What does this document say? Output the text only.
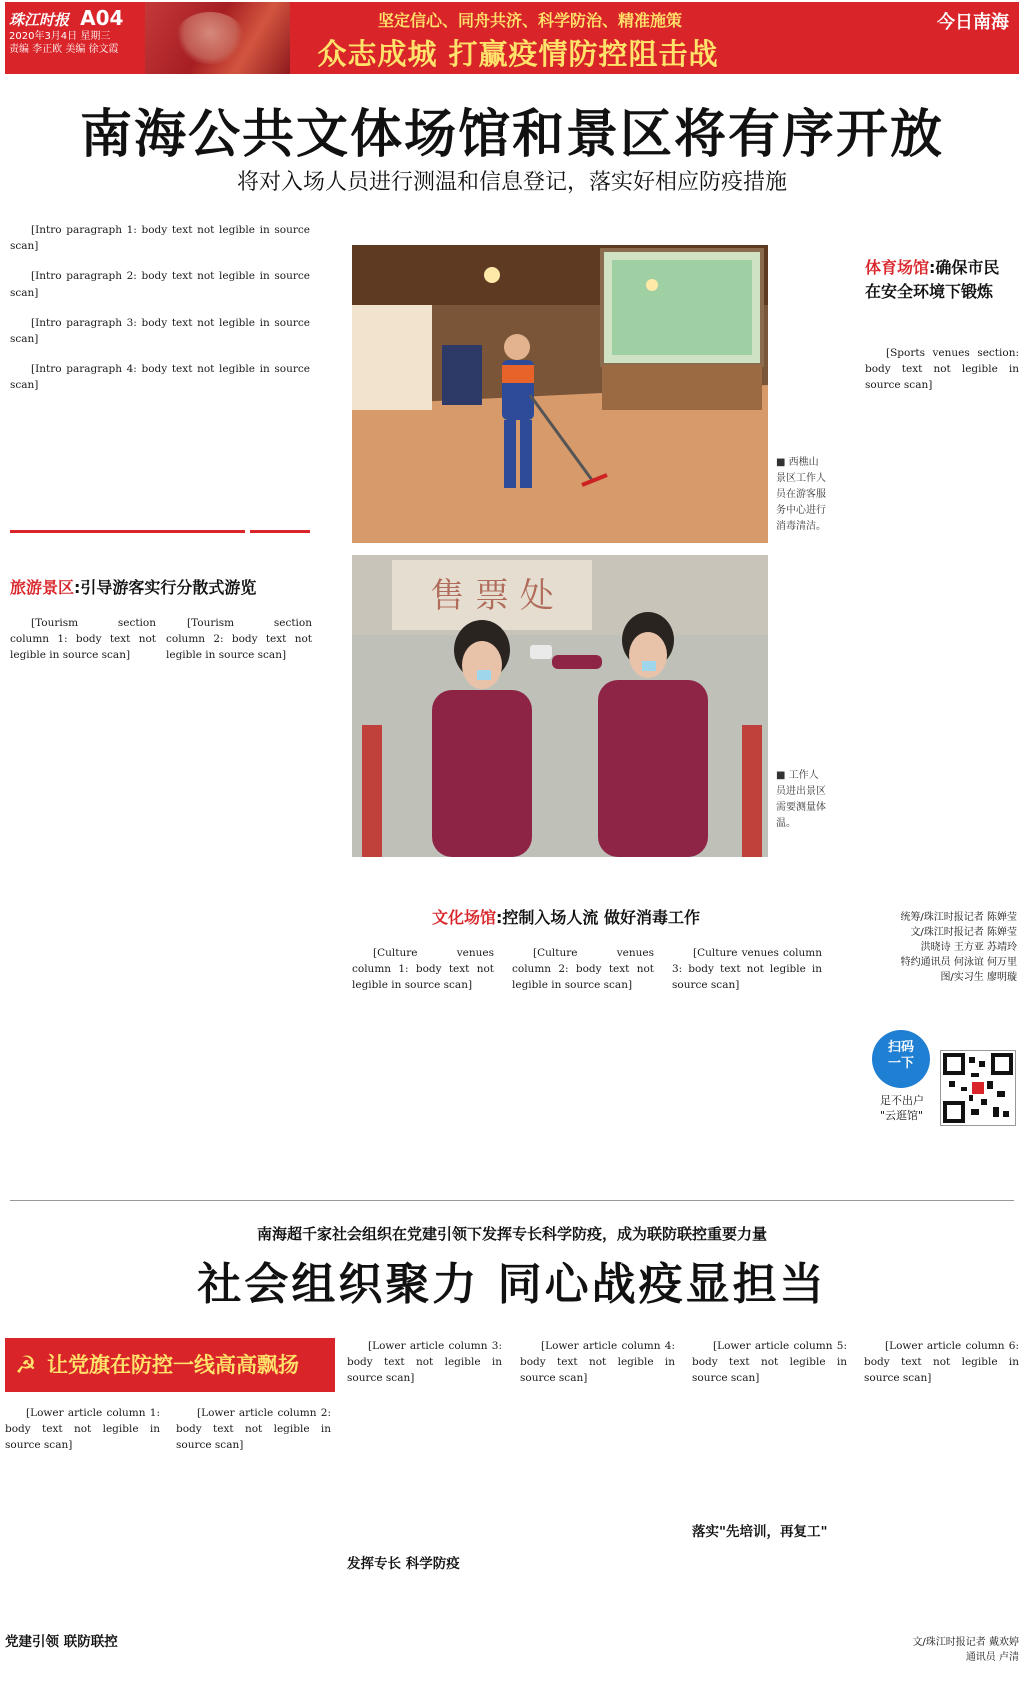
珠江时报 A04
2020年3月4日 星期三
责编 李正欧 美编 徐文霞
坚定信心、同舟共济、科学防治、精准施策
众志成城 打赢疫情防控阻击战
今日南海
南海公共文体场馆和景区将有序开放
将对入场人员进行测温和信息登记，落实好相应防疫措施

[Intro paragraph 1: body text not legible in source scan]

[Intro paragraph 2: body text not legible in source scan]

[Intro paragraph 3: body text not legible in source scan]

[Intro paragraph 4: body text not legible in source scan]

旅游景区:引导游客实行分散式游览

[Tourism section column 1: body text not legible in source scan]

[Tourism section column 2: body text not legible in source scan]

■ 西樵山景区工作人员在游客服务中心进行消毒清洁。
售 票 处
■ 工作人员进出景区需要测量体温。
体育场馆:确保市民
在安全环境下锻炼

[Sports venues section: body text not legible in source scan]

文化场馆:控制入场人流 做好消毒工作

[Culture venues column 1: body text not legible in source scan]

[Culture venues column 2: body text not legible in source scan]

[Culture venues column 3: body text not legible in source scan]

统筹/珠江时报记者 陈婵莹
文/珠江时报记者 陈婵莹
洪晓诗 王方亚 苏靖玲
特约通讯员 何泳谊 何万里
图/实习生 廖明璇
扫码
一下
足不出户
"云逛馆"
南海超千家社会组织在党建引领下发挥专长科学防疫，成为联防联控重要力量
社会组织聚力 同心战疫显担当
☭ 让党旗在防控一线高高飘扬

[Lower article column 1: body text not legible in source scan]

党建引领 联防联控

[Lower article column 2: body text not legible in source scan]

[Lower article column 3: body text not legible in source scan]

发挥专长 科学防疫

[Lower article column 4: body text not legible in source scan]

[Lower article column 5: body text not legible in source scan]

落实"先培训，再复工"

[Lower article column 6: body text not legible in source scan]

文/珠江时报记者 戴欢婷
通讯员 卢清
